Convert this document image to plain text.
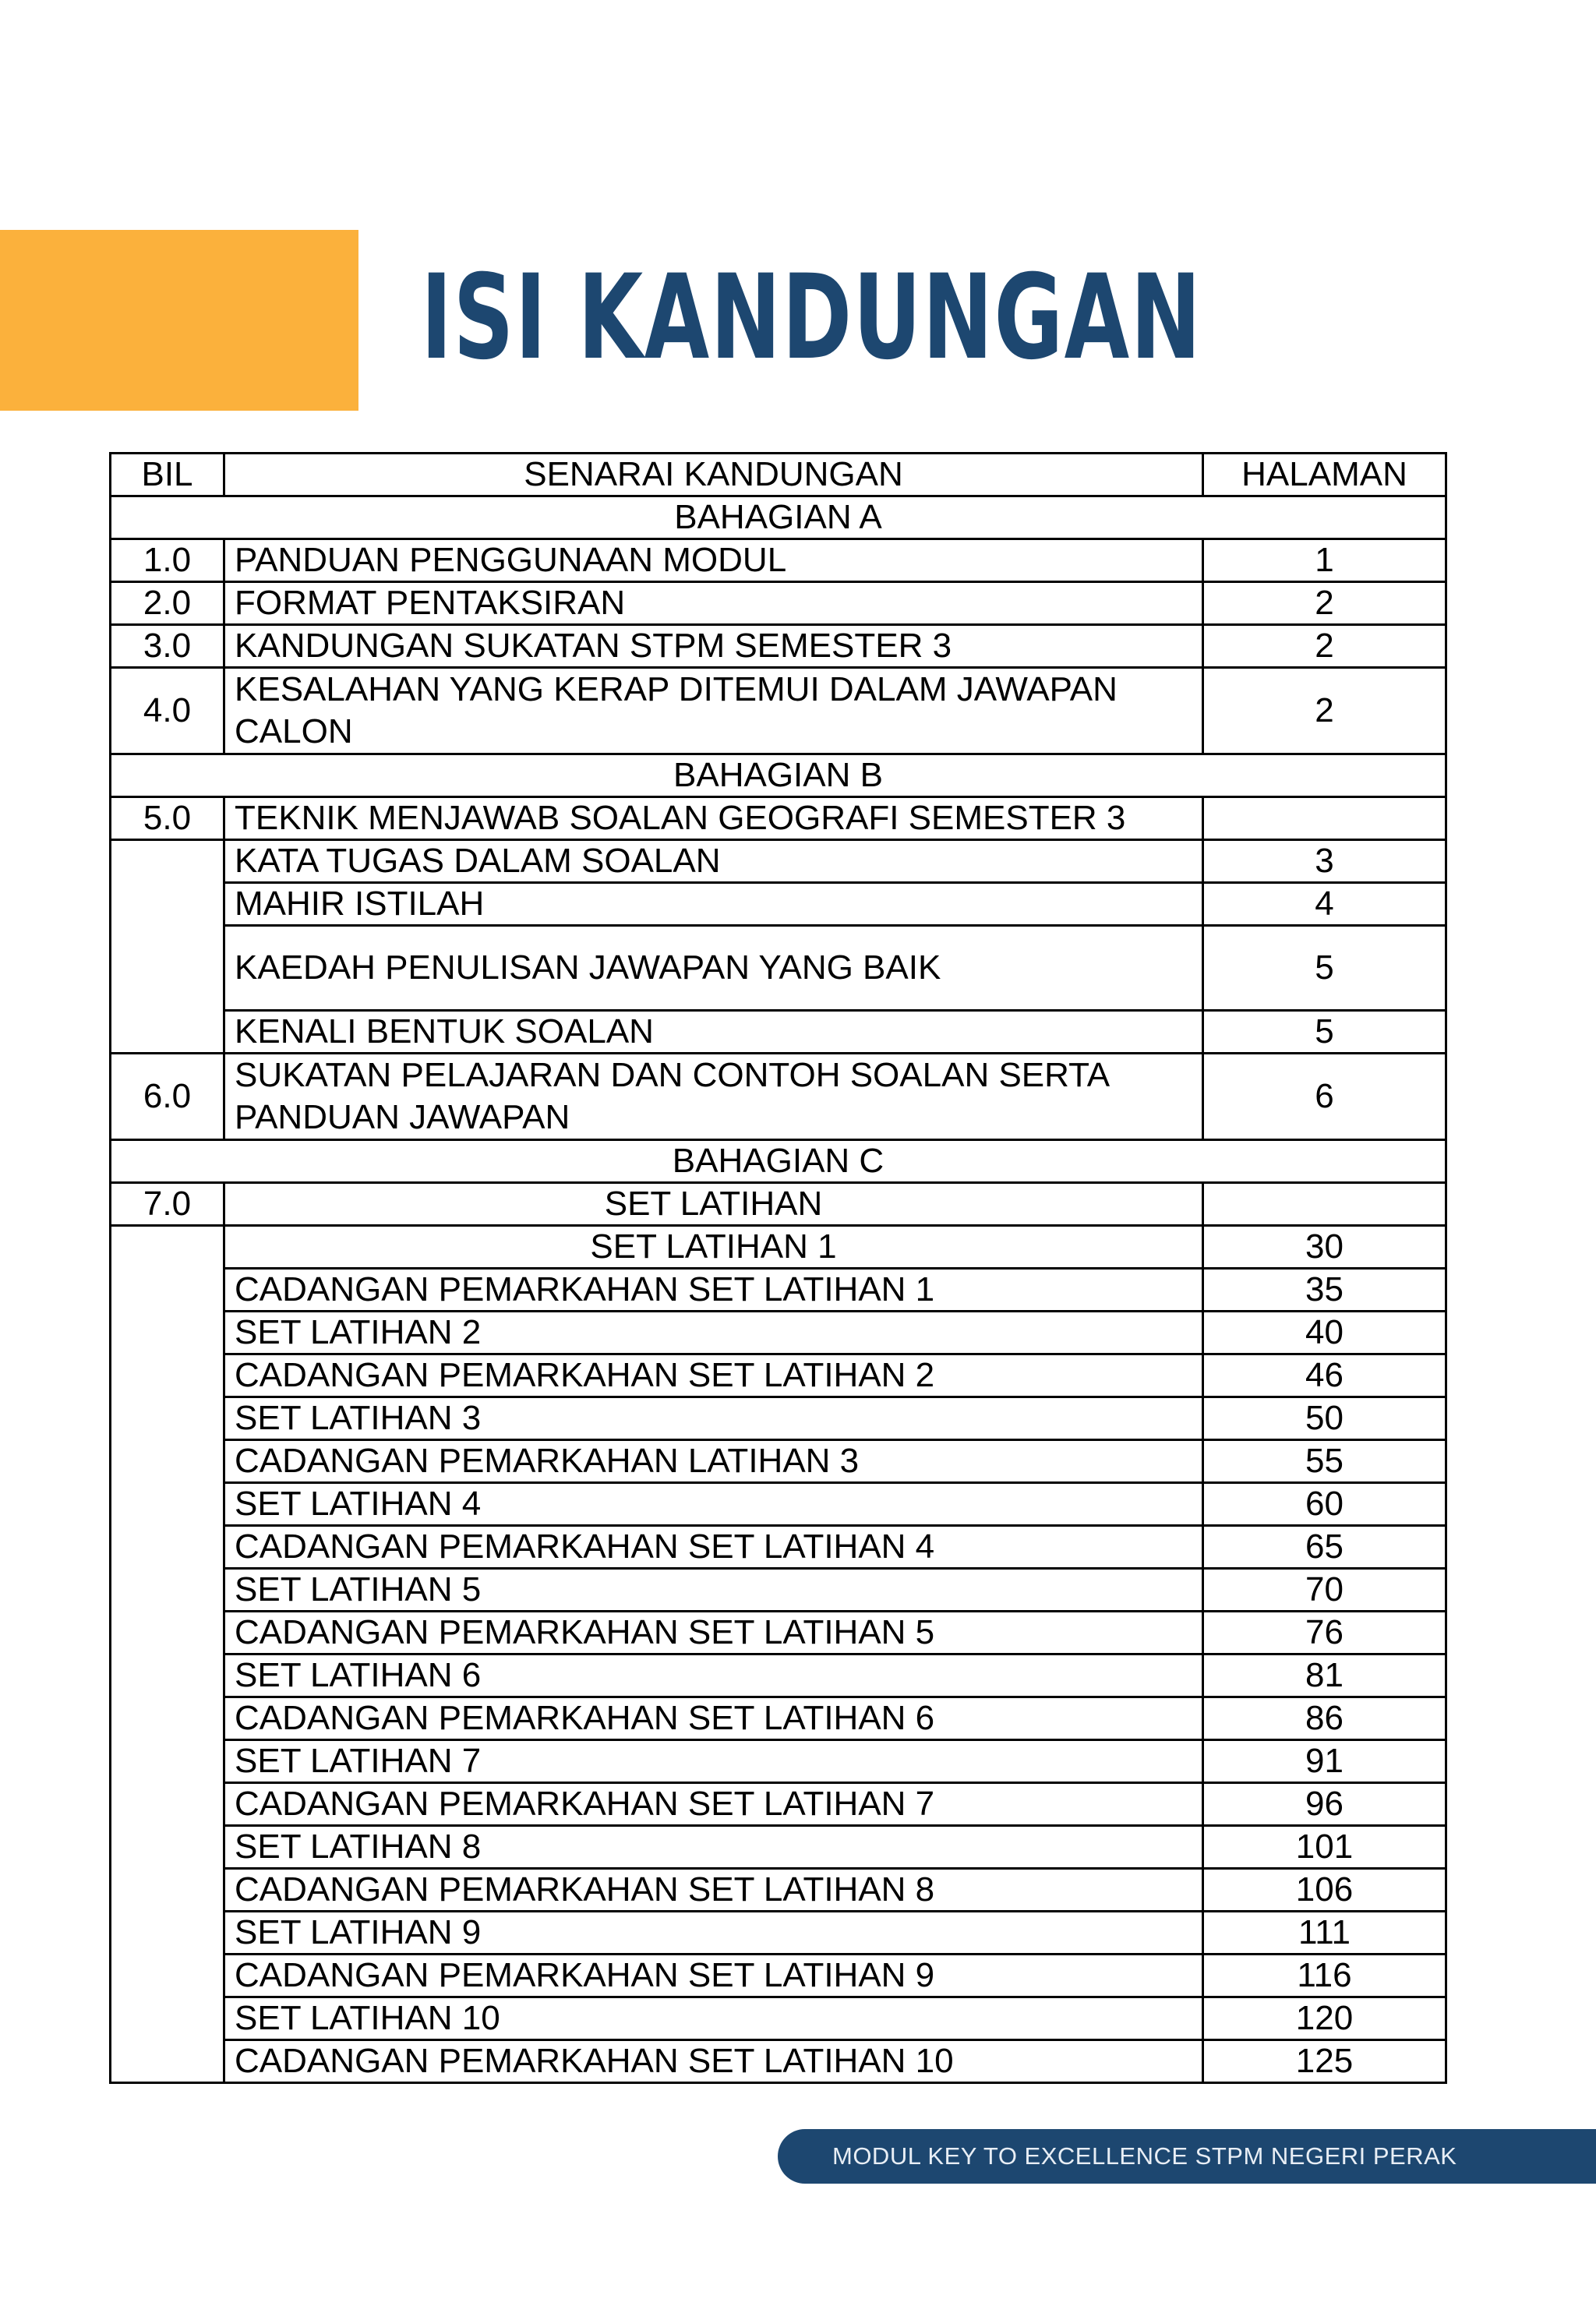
ISI KANDUNGAN
BIL	SENARAI KANDUNGAN	HALAMAN
BAHAGIAN A		
1.0	PANDUAN PENGGUNAAN MODUL	1
2.0	FORMAT PENTAKSIRAN	2
3.0	KANDUNGAN SUKATAN STPM SEMESTER 3	2
4.0	KESALAHAN YANG KERAP DITEMUI DALAM JAWAPAN CALON	2
BAHAGIAN B		
5.0	TEKNIK MENJAWAB SOALAN GEOGRAFI SEMESTER 3	
	KATA TUGAS DALAM SOALAN	3
	MAHIR ISTILAH	4
	KAEDAH PENULISAN JAWAPAN YANG BAIK	5
	KENALI BENTUK SOALAN	5
6.0	SUKATAN PELAJARAN DAN CONTOH SOALAN SERTA PANDUAN JAWAPAN	6
BAHAGIAN C		
7.0	SET LATIHAN	
	SET LATIHAN 1	30
	CADANGAN PEMARKAHAN SET LATIHAN 1	35
	SET LATIHAN 2	40
	CADANGAN PEMARKAHAN SET LATIHAN 2	46
	SET LATIHAN 3	50
	CADANGAN PEMARKAHAN LATIHAN 3	55
	SET LATIHAN 4	60
	CADANGAN PEMARKAHAN SET LATIHAN 4	65
	SET LATIHAN 5	70
	CADANGAN PEMARKAHAN SET LATIHAN 5	76
	SET LATIHAN 6	81
	CADANGAN PEMARKAHAN SET LATIHAN 6	86
	SET LATIHAN 7	91
	CADANGAN PEMARKAHAN SET LATIHAN 7	96
	SET LATIHAN 8	101
	CADANGAN PEMARKAHAN SET LATIHAN 8	106
	SET LATIHAN 9	111
	CADANGAN PEMARKAHAN SET LATIHAN 9	116
	SET LATIHAN 10	120
	CADANGAN PEMARKAHAN SET LATIHAN 10	125
MODUL KEY TO EXCELLENCE STPM NEGERI PERAK
